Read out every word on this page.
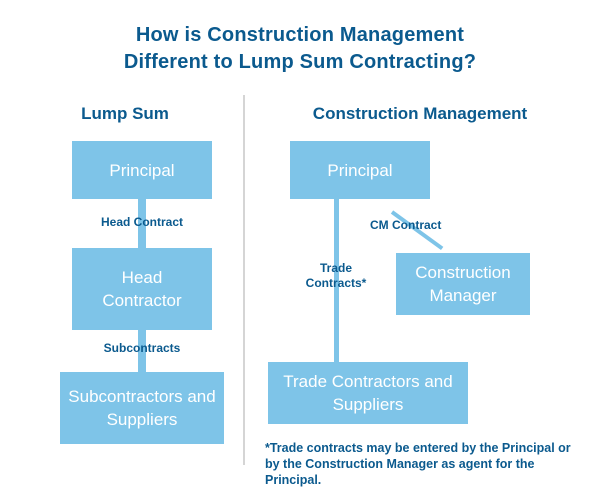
How is Construction Management
Different to Lump Sum Contracting?
Lump Sum	Construction Management
Principal
Head Contract
Head Contractor
Subcontracts
Subcontractors and Suppliers
Principal
CM Contract
Construction Manager
Trade Contracts*
Trade Contractors and Suppliers
*Trade contracts may be entered by the Principal or by the Construction Manager as agent for the Principal.
